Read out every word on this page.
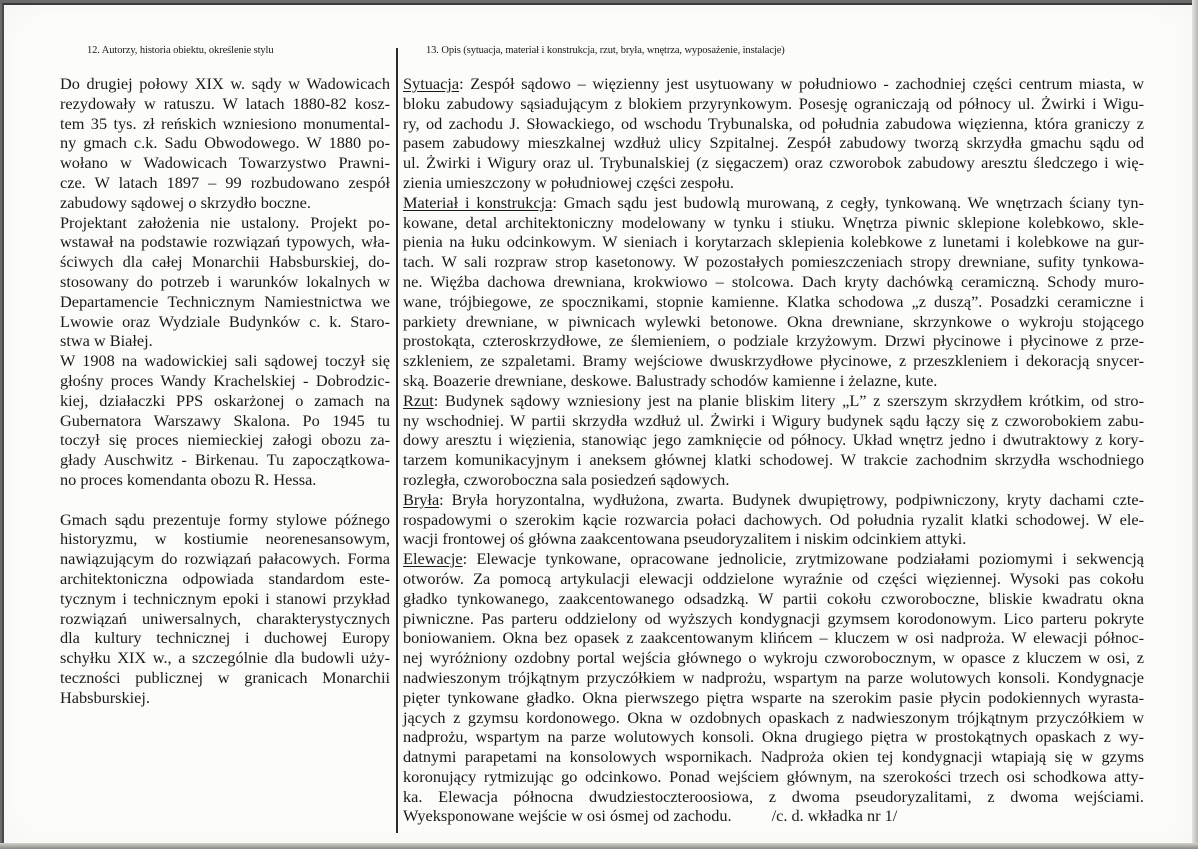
12. Autorzy, historia obiektu, określenie stylu	13. Opis (sytuacja, materiał i konstrukcja, rzut, bryła, wnętrza, wyposażenie, instalacje)
Do drugiej połowy XIX w. sądy w Wadowicach
rezydowały w ratuszu. W latach 1880-82 kosz-
tem 35 tys. zł reńskich wzniesiono monumental-
ny gmach c.k. Sadu Obwodowego. W 1880 po-
wołano w Wadowicach Towarzystwo Prawni-
cze. W latach 1897 – 99 rozbudowano zespół
zabudowy sądowej o skrzydło boczne.
Projektant założenia nie ustalony. Projekt po-
wstawał na podstawie rozwiązań typowych, wła-
ściwych dla całej Monarchii Habsburskiej, do-
stosowany do potrzeb i warunków lokalnych w
Departamencie Technicznym Namiestnictwa we
Lwowie oraz Wydziale Budynków c. k. Staro-
stwa w Białej.
W 1908 na wadowickiej sali sądowej toczył się
głośny proces Wandy Krachelskiej - Dobrodzic-
kiej, działaczki PPS oskarżonej o zamach na
Gubernatora Warszawy Skalona. Po 1945 tu
toczył się proces niemieckiej załogi obozu za-
głady Auschwitz - Birkenau. Tu zapoczątkowa-
no proces komendanta obozu R. Hessa.
Gmach sądu prezentuje formy stylowe późnego
historyzmu, w kostiumie neorenesansowym,
nawiązującym do rozwiązań pałacowych. Forma
architektoniczna odpowiada standardom este-
tycznym i technicznym epoki i stanowi przykład
rozwiązań uniwersalnych, charakterystycznych
dla kultury technicznej i duchowej Europy
schyłku XIX w., a szczególnie dla budowli uży-
teczności publicznej w granicach Monarchii
Habsburskiej.
Sytuacja: Zespół sądowo – więzienny jest usytuowany w południowo - zachodniej części centrum miasta, w
bloku zabudowy sąsiadującym z blokiem przyrynkowym. Posesję ograniczają od północy ul. Żwirki i Wigu-
ry, od zachodu J. Słowackiego, od wschodu Trybunalska, od południa zabudowa więzienna, która graniczy z
pasem zabudowy mieszkalnej wzdłuż ulicy Szpitalnej. Zespół zabudowy tworzą skrzydła gmachu sądu od
ul. Żwirki i Wigury oraz ul. Trybunalskiej (z sięgaczem) oraz czworobok zabudowy aresztu śledczego i wię-
zienia umieszczony w południowej części zespołu.
Materiał i konstrukcja: Gmach sądu jest budowlą murowaną, z cegły, tynkowaną. We wnętrzach ściany tyn-
kowane, detal architektoniczny modelowany w tynku i stiuku. Wnętrza piwnic sklepione kolebkowo, skle-
pienia na łuku odcinkowym. W sieniach i korytarzach sklepienia kolebkowe z lunetami i kolebkowe na gur-
tach. W sali rozpraw strop kasetonowy. W pozostałych pomieszczeniach stropy drewniane, sufity tynkowa-
ne. Więźba dachowa drewniana, krokwiowo – stolcowa. Dach kryty dachówką ceramiczną. Schody muro-
wane, trójbiegowe, ze spocznikami, stopnie kamienne. Klatka schodowa „z duszą”. Posadzki ceramiczne i
parkiety drewniane, w piwnicach wylewki betonowe. Okna drewniane, skrzynkowe o wykroju stojącego
prostokąta, czteroskrzydłowe, ze ślemieniem, o podziale krzyżowym. Drzwi płycinowe i płycinowe z prze-
szkleniem, ze szpaletami. Bramy wejściowe dwuskrzydłowe płycinowe, z przeszkleniem i dekoracją snycer-
ską. Boazerie drewniane, deskowe. Balustrady schodów kamienne i żelazne, kute.
Rzut: Budynek sądowy wzniesiony jest na planie bliskim litery „L” z szerszym skrzydłem krótkim, od stro-
ny wschodniej. W partii skrzydła wzdłuż ul. Żwirki i Wigury budynek sądu łączy się z czworobokiem zabu-
dowy aresztu i więzienia, stanowiąc jego zamknięcie od północy. Układ wnętrz jedno i dwutraktowy z kory-
tarzem komunikacyjnym i aneksem głównej klatki schodowej. W trakcie zachodnim skrzydła wschodniego
rozległa, czworoboczna sala posiedzeń sądowych.
Bryła: Bryła horyzontalna, wydłużona, zwarta. Budynek dwupiętrowy, podpiwniczony, kryty dachami czte-
rospadowymi o szerokim kącie rozwarcia połaci dachowych. Od południa ryzalit klatki schodowej. W ele-
wacji frontowej oś główna zaakcentowana pseudoryzalitem i niskim odcinkiem attyki.
Elewacje: Elewacje tynkowane, opracowane jednolicie, zrytmizowane podziałami poziomymi i sekwencją
otworów. Za pomocą artykulacji elewacji oddzielone wyraźnie od części więziennej. Wysoki pas cokołu
gładko tynkowanego, zaakcentowanego odsadzką. W partii cokołu czworoboczne, bliskie kwadratu okna
piwniczne. Pas parteru oddzielony od wyższych kondygnacji gzymsem korodonowym. Lico parteru pokryte
boniowaniem. Okna bez opasek z zaakcentowanym klińcem – kluczem w osi nadproża. W elewacji północ-
nej wyróżniony ozdobny portal wejścia głównego o wykroju czworobocznym, w opasce z kluczem w osi, z
nadwieszonym trójkątnym przyczółkiem w nadprożu, wspartym na parze wolutowych konsoli. Kondygnacje
pięter tynkowane gładko. Okna pierwszego piętra wsparte na szerokim pasie płycin podokiennych wyrasta-
jących z gzymsu kordonowego. Okna w ozdobnych opaskach z nadwieszonym trójkątnym przyczółkiem w
nadprożu, wspartym na parze wolutowych konsoli. Okna drugiego piętra w prostokątnych opaskach z wy-
datnymi parapetami na konsolowych wspornikach. Nadproża okien tej kondygnacji wtapiają się w gzyms
koronujący rytmizując go odcinkowo. Ponad wejściem głównym, na szerokości trzech osi schodkowa atty-
ka. Elewacja północna dwudziestoczteroosiowa, z dwoma pseudoryzalitami, z dwoma wejściami.
Wyeksponowane wejście w osi ósmej od zachodu. /c. d. wkładka nr 1/
